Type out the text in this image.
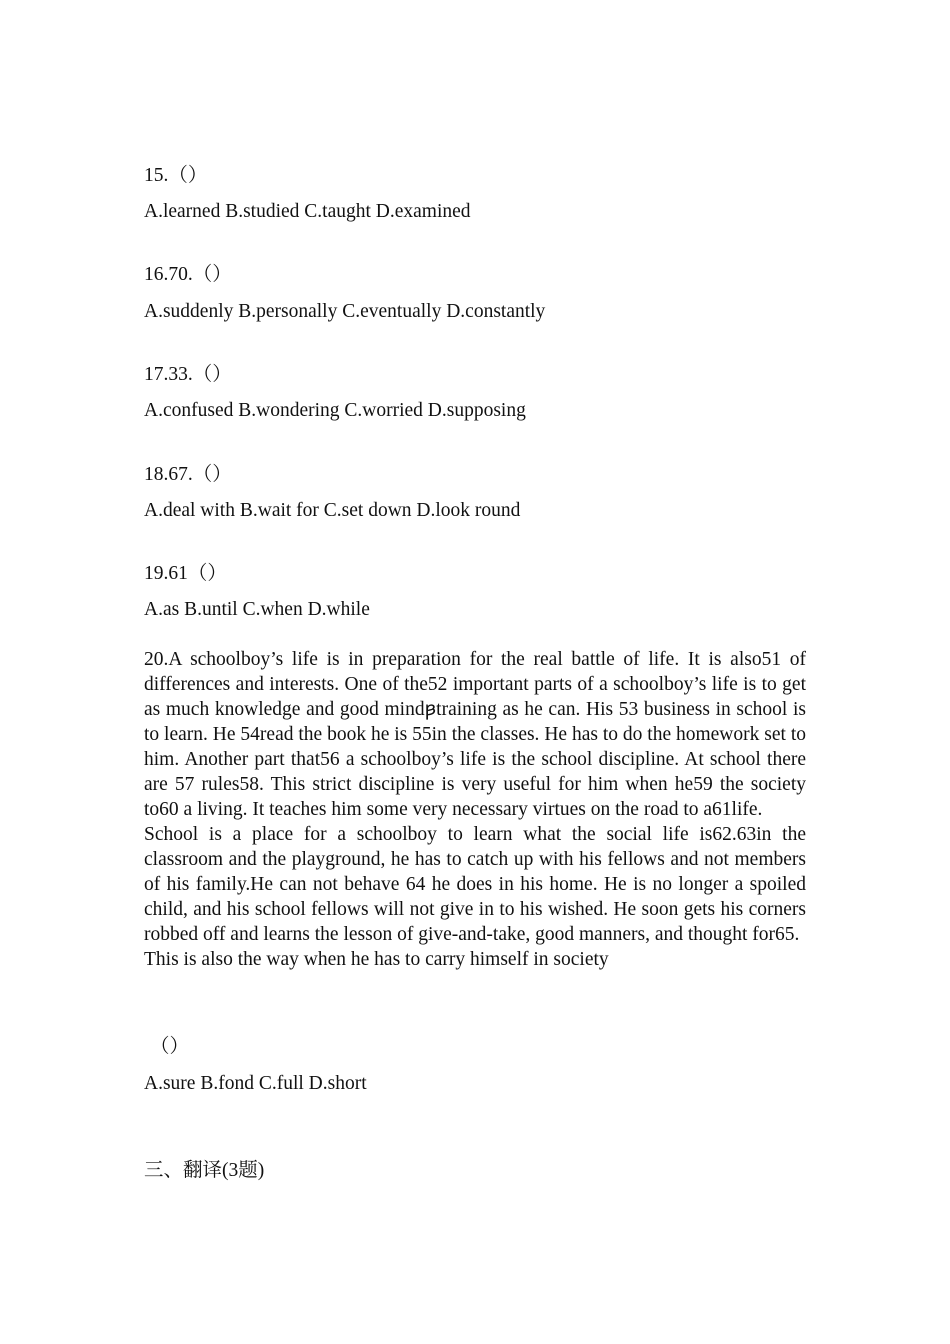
15.（）
A.learned B.studied C.taught D.examined
16.70.（）
A.suddenly B.personally C.eventually D.constantly
17.33.（）
A.confused B.wondering C.worried D.supposing
18.67.（）
A.deal with B.wait for C.set down D.look round
19.61（）
A.as B.until C.when D.while

20.A schoolboy’s life is in preparation for the real battle of life. It is also51 of differences and interests. One of the52 important parts of a schoolboy’s life is to get as much knowledge and good mindꟕtraining as he can. His 53 business in school is to learn. He 54read the book he is 55in the classes. He has to do the homework set to him. Another part that56 a schoolboy’s life is the school discipline. At school there are 57 rules58. This strict discipline is very useful for him when he59 the society to60 a living. It teaches him some very necessary virtues on the road to a61life.

School is a place for a schoolboy to learn what the social life is62.63in the classroom and the playground, he has to catch up with his fellows and not members of his family.He can not behave 64 he does in his home. He is no longer a spoiled child, and his school fellows will not give in to his wished. He soon gets his corners robbed off and learns the lesson of give-and-take, good manners, and thought for65.

This is also the way when he has to carry himself in society

（）
A.sure B.fond C.full D.short
三、翻译(3题)
